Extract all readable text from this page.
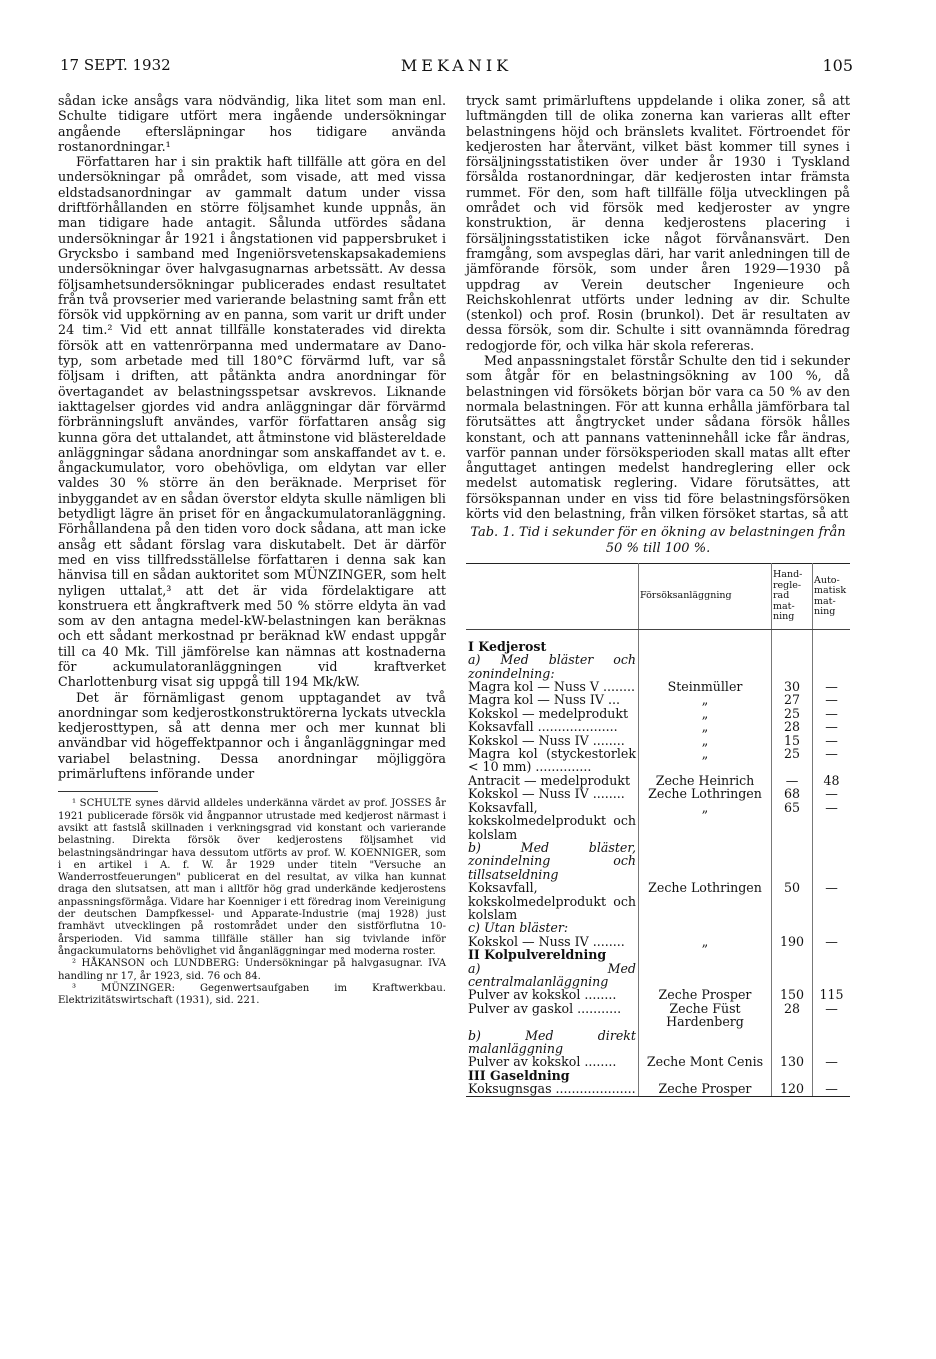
17 SEPT. 1932	MEKANIK	105

sådan icke ansågs vara nödvändig, lika litet som man enl. Schulte tidigare utfört mera ingående undersökningar angående eftersläpningar hos tidigare använda rostanordningar.¹

Författaren har i sin praktik haft tillfälle att göra en del undersökningar på området, som visade, att med vissa eldstadsanordningar av gammalt datum under vissa driftförhållanden en större följsamhet kunde uppnås, än man tidigare hade antagit. Sålunda utfördes sådana undersökningar år 1921 i ångstationen vid pappersbruket i Grycksbo i samband med Ingeniörsvetenskapsakademiens undersökningar över halvgasugnarnas arbetssätt. Av dessa följsamhetsundersökningar publicerades endast resultatet från två provserier med varierande belastning samt från ett försök vid uppkörning av en panna, som varit ur drift under 24 tim.² Vid ett annat tillfälle konstaterades vid direkta försök att en vattenrörpanna med undermatare av Dano-typ, som arbetade med till 180°C förvärmd luft, var så följsam i driften, att påtänkta andra anordningar för övertagandet av belastningsspetsar avskrevos. Liknande iakttagelser gjordes vid andra anläggningar där förvärmd förbränningsluft användes, varför författaren ansåg sig kunna göra det uttalandet, att åtminstone vid blästereldade anläggningar sådana anordningar som anskaffandet av t. e. ångackumulator, voro obehövliga, om eldytan var eller valdes 30 % större än den beräknade. Merpriset för inbyggandet av en sådan överstor eldyta skulle nämligen bli betydligt lägre än priset för en ångackumulatoranläggning. Förhållandena på den tiden voro dock sådana, att man icke ansåg ett sådant förslag vara diskutabelt. Det är därför med en viss tillfredsställelse författaren i denna sak kan hänvisa till en sådan auktoritet som MÜNZINGER, som helt nyligen uttalat,³ att det är vida fördelaktigare att konstruera ett ångkraftverk med 50 % större eldyta än vad som av den antagna medel-kW-belastningen kan beräknas och ett sådant merkostnad pr beräknad kW endast uppgår till ca 40 Mk. Till jämförelse kan nämnas att kostnaderna för ackumulatoranläggningen vid kraftverket Charlottenburg visat sig uppgå till 194 Mk/kW.

Det är förnämligast genom upptagandet av två anordningar som kedjerostkonstruktörerna lyckats utveckla kedjerosttypen, så att denna mer och mer kunnat bli användbar vid högeffektpannor och i ånganläggningar med variabel belastning. Dessa anordningar möjliggöra primärluftens införande under

¹ SCHULTE synes därvid alldeles underkänna värdet av prof. JOSSES år 1921 publicerade försök vid ångpannor utrustade med kedjerost närmast i avsikt att fastslå skillnaden i verkningsgrad vid konstant och varierande belastning. Direkta försök över kedjerostens följsamhet vid belastningsändringar hava dessutom utförts av prof. W. KOENNIGER, som i en artikel i A. f. W. år 1929 under titeln "Versuche an Wanderrostfeuerungen" publicerat en del resultat, av vilka han kunnat draga den slutsatsen, att man i alltför hög grad underkände kedjerostens anpassningsförmåga. Vidare har Koenniger i ett föredrag inom Vereinigung der deutschen Dampfkessel- und Apparate-Industrie (maj 1928) just framhävt utvecklingen på rostområdet under den sistförflutna 10-årsperioden. Vid samma tillfälle ställer han sig tvivlande inför ångackumulatorns behövlighet vid ånganläggningar med moderna roster.

² HÅKANSON och LUNDBERG: Undersökningar på halvgasugnar. IVA handling nr 17, år 1923, sid. 76 och 84.

³ MÜNZINGER: Gegenwertsaufgaben im Kraftwerkbau. Elektrizitätswirtschaft (1931), sid. 221.

tryck samt primärluftens uppdelande i olika zoner, så att luftmängden till de olika zonerna kan varieras allt efter belastningens höjd och bränslets kvalitet. Förtroendet för kedjerosten har återvänt, vilket bäst kommer till synes i försäljningsstatistiken över under år 1930 i Tyskland försålda rostanordningar, där kedjerosten intar främsta rummet. För den, som haft tillfälle följa utvecklingen på området och vid försök med kedjeroster av yngre konstruktion, är denna kedjerostens placering i försäljningsstatistiken icke något förvånansvärt. Den framgång, som avspeglas däri, har varit anledningen till de jämförande försök, som under åren 1929—1930 på uppdrag av Verein deutscher Ingenieure och Reichskohlenrat utförts under ledning av dir. Schulte (stenkol) och prof. Rosin (brunkol). Det är resultaten av dessa försök, som dir. Schulte i sitt ovannämnda föredrag redogjorde för, och vilka här skola refereras.

Med anpassningstalet förstår Schulte den tid i sekunder som åtgår för en belastningsökning av 100 %, då belastningen vid försökets början bör vara ca 50 % av den normala belastningen. För att kunna erhålla jämförbara tal förutsättes att ångtrycket under sådana försök hålles konstant, och att pannans vatteninnehåll icke får ändras, varför pannan under försöksperioden skall matas allt efter ånguttaget antingen medelst handreglering eller ock medelst automatisk reglering. Vidare förutsättes, att försökspannan under en viss tid före belastningsförsöken körts vid den belastning, från vilken försöket startas, så att

Tab. 1. Tid i sekunder för en ökning av belastningen från 50 % till 100 %.
	Försöksanläggning	Hand-regle-rad mat-ning	Auto-matisk mat-ning

I Kedjerost			
a) Med bläster och zonindelning:			
Magra kol — Nuss V ........	Steinmüller	30	—
Magra kol — Nuss IV ...	„	27	—
Kokskol — medelprodukt	„	25	—
Koksavfall ....................	„	28	—
Kokskol — Nuss IV ........	„	15	—
Magra kol (styckestorlek < 10 mm) ..............	„	25	—
Antracit — medelprodukt	Zeche Heinrich	—	48
Kokskol — Nuss IV ........	Zeche Lothringen	68	—
Koksavfall, kokskolmedelprodukt och kolslam	„	65	—
b) Med bläster, zonindelning och tillsatseldning			
Koksavfall, kokskolmedelprodukt och kolslam	Zeche Lothringen	50	—
c) Utan bläster:			
Kokskol — Nuss IV ........	„	190	—
II Kolpulvereldning			
a) Med centralmalanläggning			
Pulver av kokskol ........	Zeche Prosper	150	115
Pulver av gaskol ...........	Zeche Füst Hardenberg	28	—
b) Med direkt malanläggning			
Pulver av kokskol ........	Zeche Mont Cenis	130	—
III Gaseldning			
Koksugnsgas ....................	Zeche Prosper	120	—
